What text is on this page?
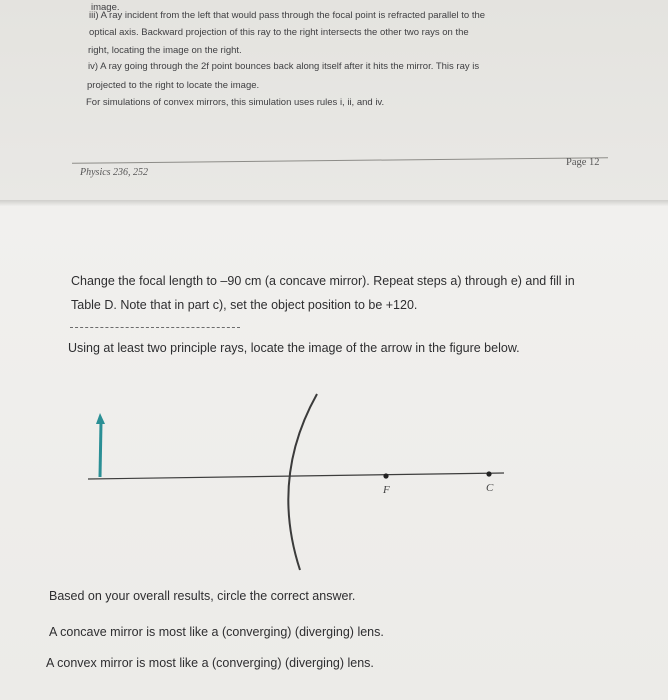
image.
iii) A ray incident from the left that would pass through the focal point is refracted parallel to the
optical axis. Backward projection of this ray to the right intersects the other two rays on the
right, locating the image on the right.
iv) A ray going through the 2f point bounces back along itself after it hits the mirror. This ray is
projected to the right to locate the image.
For simulations of convex mirrors, this simulation uses rules i, ii, and iv.
Physics 236, 252
Page 12
Change the focal length to –90 cm (a concave mirror). Repeat steps a) through e) and fill in
Table D. Note that in part c), set the object position to be +120.
Using at least two principle rays, locate the image of the arrow in the figure below.
F	C
Based on your overall results, circle the correct answer.
A concave mirror is most like a (converging) (diverging) lens.
A convex mirror is most like a (converging) (diverging) lens.
